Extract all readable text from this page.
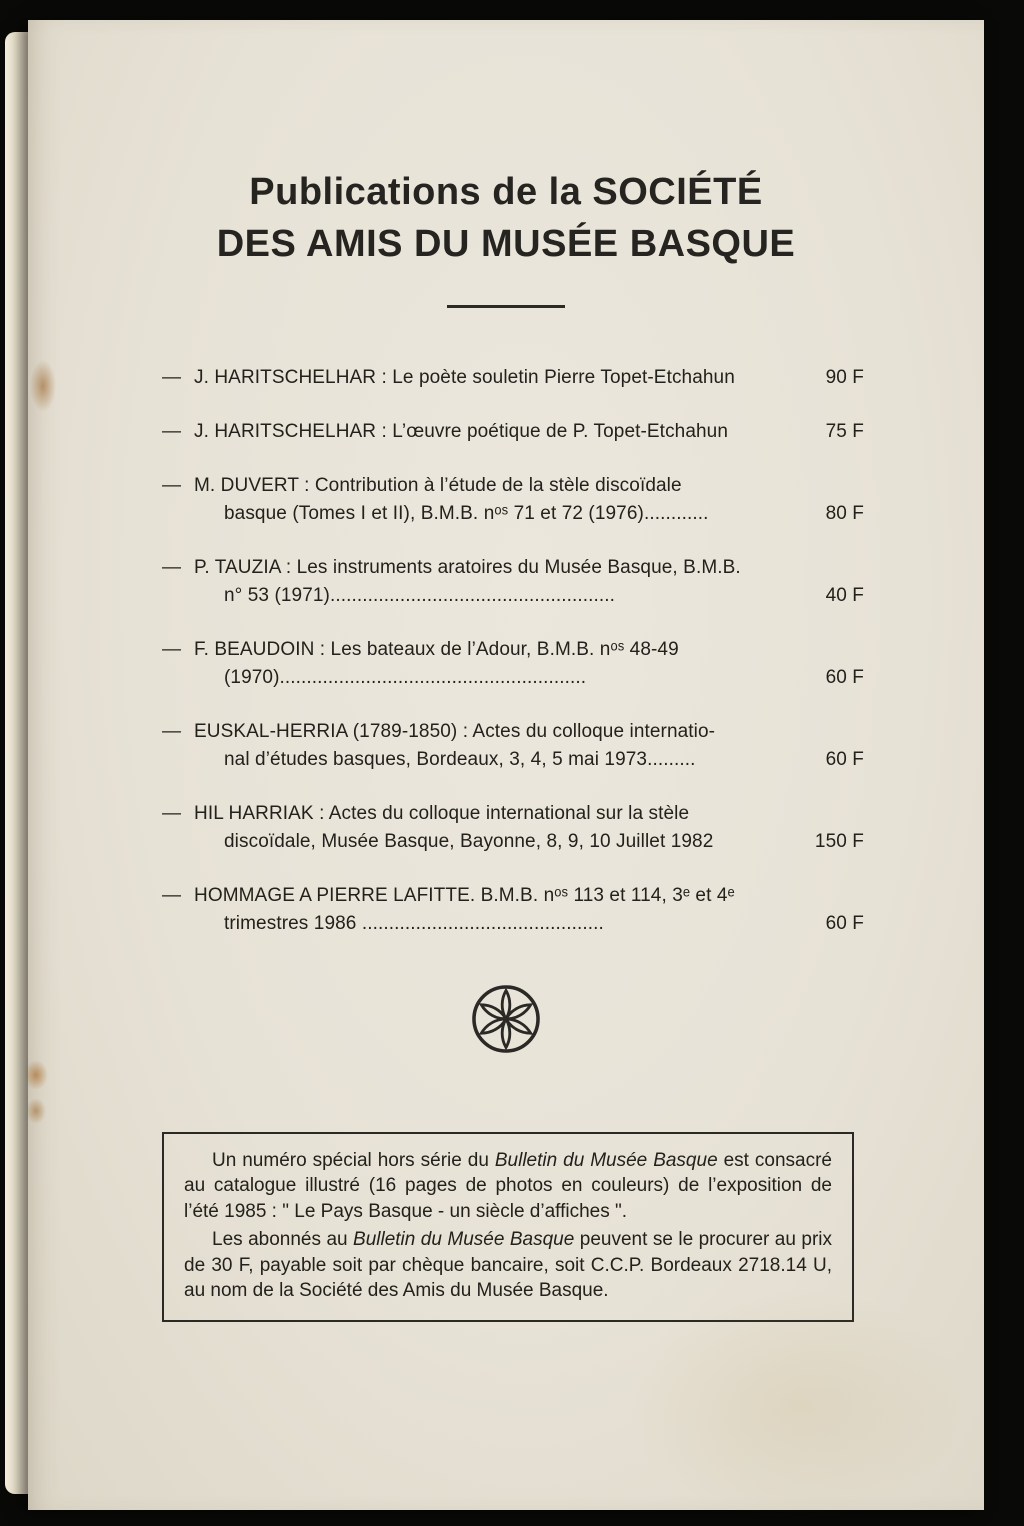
Publications de la SOCIÉTÉ
DES AMIS DU MUSÉE BASQUE
— J. HARITSCHELHAR : Le poète souletin Pierre Topet-Etchahun	90 F
— J. HARITSCHELHAR : L’œuvre poétique de P. Topet-Etchahun	75 F
— M. DUVERT : Contribution à l’étude de la stèle discoïdale
basque (Tomes I et II), B.M.B. nᵒˢ 71 et 72 (1976)............	80 F
— P. TAUZIA : Les instruments aratoires du Musée Basque, B.M.B.
n° 53 (1971).....................................................	40 F
— F. BEAUDOIN : Les bateaux de l’Adour, B.M.B. nᵒˢ 48-49
(1970).........................................................	60 F
— EUSKAL-HERRIA (1789-1850) : Actes du colloque internatio-
nal d’études basques, Bordeaux, 3, 4, 5 mai 1973.........	60 F
— HIL HARRIAK : Actes du colloque international sur la stèle
discoïdale, Musée Basque, Bayonne, 8, 9, 10 Juillet 1982	150 F
— HOMMAGE A PIERRE LAFITTE. B.M.B. nᵒˢ 113 et 114, 3ᵉ et 4ᵉ
trimestres 1986 .............................................	60 F

Un numéro spécial hors série du Bulletin du Musée Basque est consacré au catalogue illustré (16 pages de photos en couleurs) de l’exposition de l’été 1985 : " Le Pays Basque - un siècle d’affiches ".

Les abonnés au Bulletin du Musée Basque peuvent se le procurer au prix de 30 F, payable soit par chèque bancaire, soit C.C.P. Bordeaux 2718.14 U, au nom de la Société des Amis du Musée Basque.
